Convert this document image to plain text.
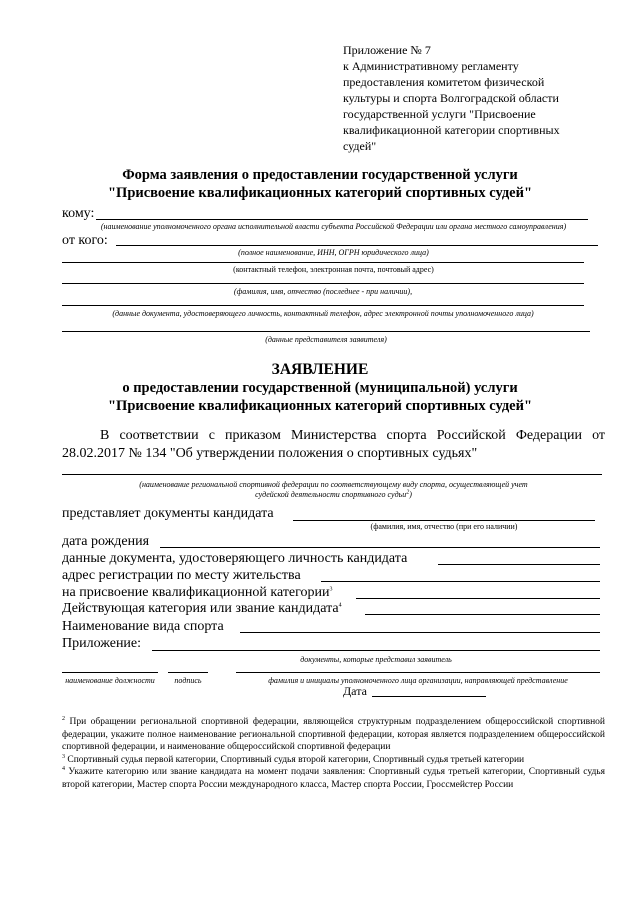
Приложение № 7
к Административному регламенту
предоставления комитетом физической
культуры и спорта Волгоградской области
государственной услуги "Присвоение
квалификационной категории спортивных
судей"
Форма заявления о предоставлении государственной услуги
"Присвоение квалификационных категорий спортивных судей"
кому:
(наименование уполномоченного органа исполнительной власти субъекта Российской Федерации или органа местного самоуправления)
от кого:
(полное наименование, ИНН, ОГРН юридического лица)
(контактный телефон, электронная почта, почтовый адрес)
(фамилия, имя, отчество (последнее - при наличии),
(данные документа, удостоверяющего личность, контактный телефон, адрес электронной почты уполномоченного лица)
(данные представителя заявителя)
ЗАЯВЛЕНИЕ
о предоставлении государственной (муниципальной) услуги
"Присвоение квалификационных категорий спортивных судей"
В соответствии с приказом Министерства спорта Российской Федерации от 28.02.2017 № 134 "Об утверждении положения о спортивных судьях"
(наименование региональной спортивной федерации по соответствующему виду спорта, осуществляющей учет
судейской деятельности спортивного судьи$^2$)
представляет документы кандидата
(фамилия, имя, отчество (при его наличии)
дата рождения
данные документа, удостоверяющего личность кандидата
адрес регистрации по месту жительства
на присвоение квалификационной категории$^3$
Действующая категория или звание кандидата$^4$
Наименование вида спорта
Приложение:
документы, которые представил заявитель
наименование должности	подпись	фамилия и инициалы уполномоченного лица организации, направляющей представление
Дата

$^2$ При обращении региональной спортивной федерации, являющейся структурным подразделением общероссийской спортивной федерации, укажите полное наименование региональной спортивной федерации, которая является подразделением общероссийской спортивной федерации, и наименование общероссийской спортивной федерации

$^3$ Спортивный судья первой категории, Спортивный судья второй категории, Спортивный судья третьей категории

$^4$ Укажите категорию или звание кандидата на момент подачи заявления: Спортивный судья третьей категории, Спортивный судья второй категории, Мастер спорта России международного класса, Мастер спорта России, Гроссмейстер России
